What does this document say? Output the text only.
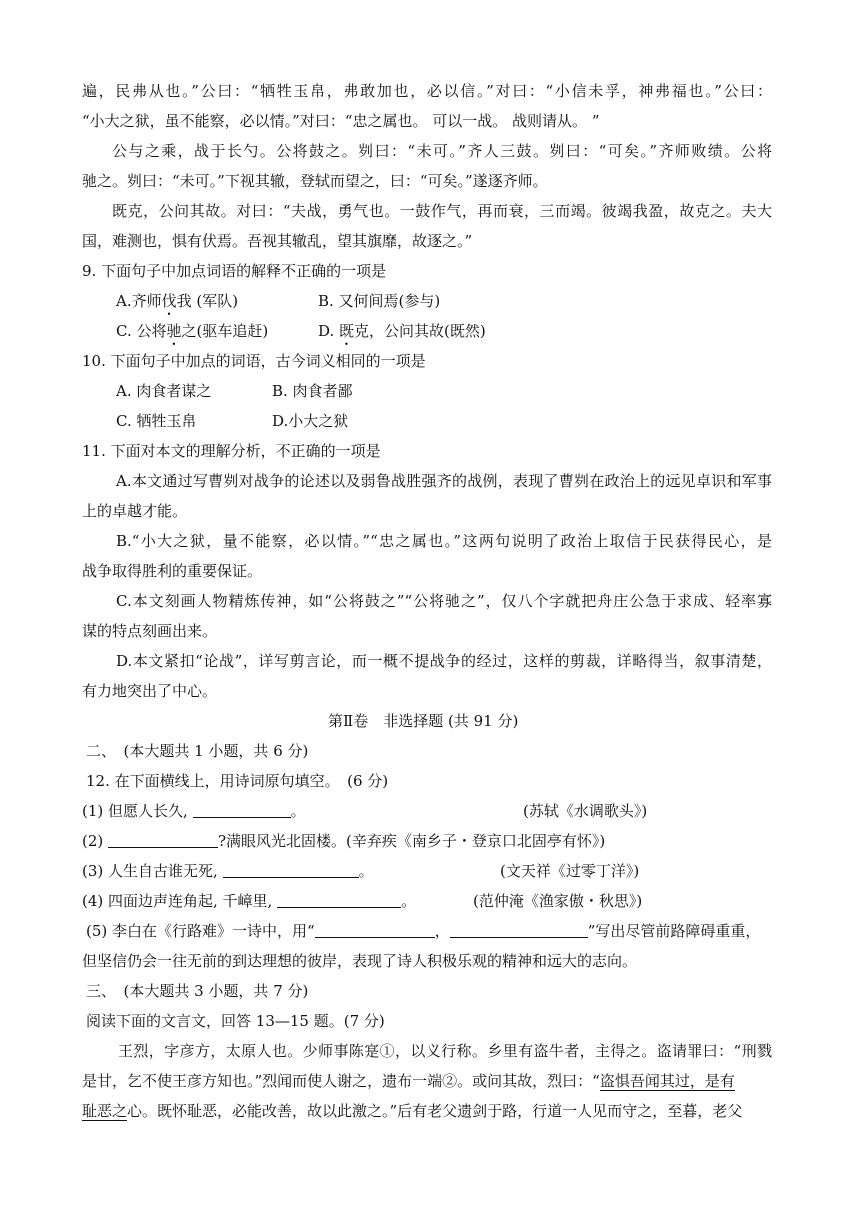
遍，民弗从也。”公曰：“牺牲玉帛，弗敢加也，必以信。”对曰：“小信未孚，神弗福也。”公曰：
“小大之狱，虽不能察，必以情。”对曰：“忠之属也。 可以一战。 战则请从。 ”
公与之乘，战于长勺。公将鼓之。刿曰：“未可。”齐人三鼓。刿曰：“可矣。”齐师败绩。公将
驰之。刿曰：“未可。”下视其辙，登轼而望之，曰：“可矣。”遂逐齐师。
既克，公问其故。对曰：“夫战，勇气也。一鼓作气，再而衰，三而竭。彼竭我盈，故克之。夫大
国，难测也，惧有伏焉。吾视其辙乱，望其旗靡，故逐之。”
9. 下面句子中加点词语的解释不正确的一项是
A.齐师伐我 (军队)	B. 又何间焉(参与)
C. 公将驰之(驱车追赶)	D. 既克，公问其故(既然)
10. 下面句子中加点的词语，古今词义相同的一项是
A. 肉食者谋之	B. 肉食者鄙
C. 牺牲玉帛	D.小大之狱
11. 下面对本文的理解分析，不正确的一项是
A.本文通过写曹刿对战争的论述以及弱鲁战胜强齐的战例，表现了曹刿在政治上的远见卓识和军事
上的卓越才能。
B.“小大之狱，量不能察，必以情。”“忠之属也。”这两句说明了政治上取信于民获得民心，是
战争取得胜利的重要保证。
C.本文刻画人物精炼传神，如“公将鼓之”“公将驰之”，仅八个字就把舟庄公急于求成、轻率寡
谋的特点刻画出来。
D.本文紧扣“论战”，详写剪言论，而一概不提战争的经过，这样的剪裁，详略得当，叙事清楚，
有力地突出了中心。
第Ⅱ卷　非选择题 (共 91 分)
二、　(本大题共 1 小题，共 6 分)
12. 在下面横线上，用诗词原句填空。　(6 分)
(1) 但愿人长久,	。	(苏轼《水调歌头》)
(2)	?满眼风光北固楼。(辛弃疾《南乡子・登京口北固亭有怀》)
(3) 人生自古谁无死,	。	(文天祥《过零丁洋》)
(4) 四面边声连角起, 千嶂里,	。	(范仲淹《渔家傲・秋思》)
(5) 李白在《行路难》一诗中，用“	，	”写出尽管前路障碍重重，
但坚信仍会一往无前的到达理想的彼岸，表现了诗人积极乐观的精神和远大的志向。
三、　(本大题共 3 小题，共 7 分)
阅读下面的文言文，回答 13—15 题。(7 分)
王烈，字彦方，太原人也。少师事陈寔①，以义行称。乡里有盗牛者，主得之。盗请罪曰：“刑戮
是甘，乞不使王彦方知也。”烈闻而使人谢之，遗布一端②。或问其故，烈曰：“盗惧吾闻其过，是有
耻恶之心。既怀耻恶，必能改善，故以此激之。”后有老父遗剑于路，行道一人见而守之，至暮，老父
